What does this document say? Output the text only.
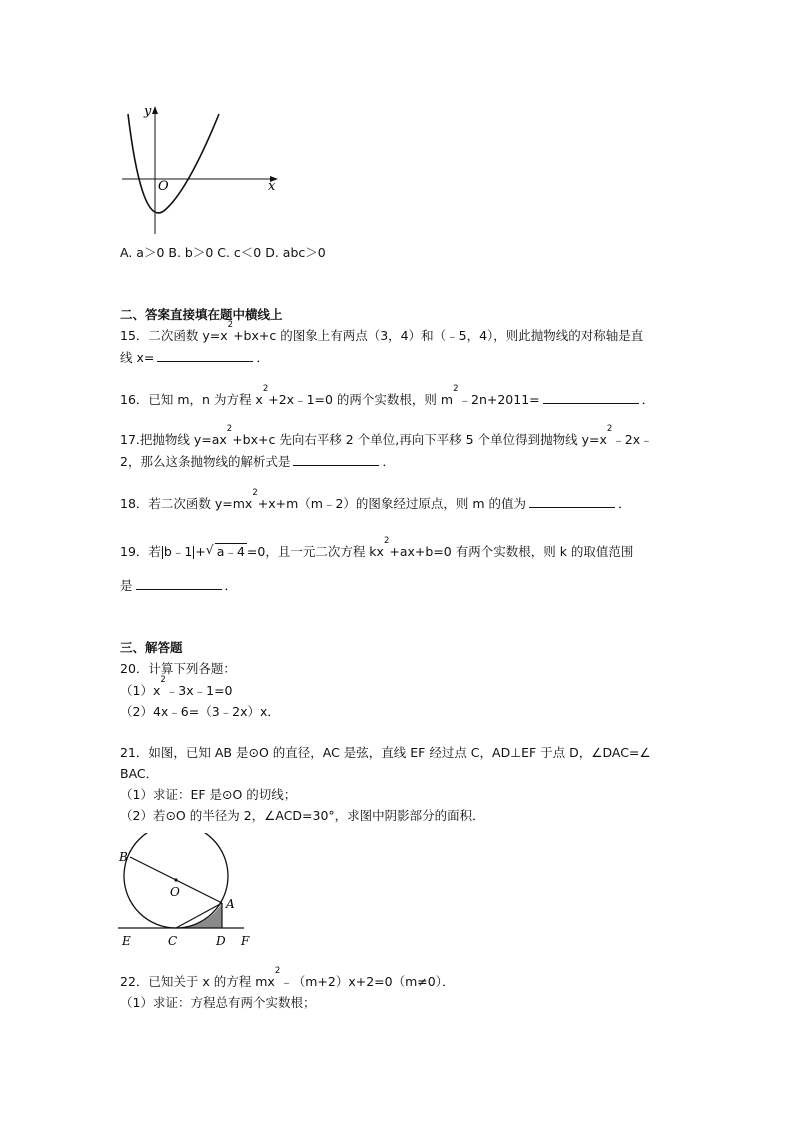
y
x
O
A. a＞0 B. b＞0 C. c＜0 D. abc＞0
二、答案直接填在题中横线上
15．二次函数 $y=x^2+bx+c$ 的图象上有两点（3，4）和（﹣5，4），则此抛物线的对称轴是直
线 x=	．
16．已知 m，n 为方程 $x^2+2x﹣1=0$ 的两个实数根，则 $m^2﹣2n+2011=$	．
17.把抛物线 $y=ax^2+bx+c$ 先向右平移 2 个单位,再向下平移 5 个单位得到抛物线 $y=x^2﹣2x﹣$
2，那么这条抛物线的解析式是	．
18．若二次函数 $y=mx^2+x+m(m﹣2)$的图象经过原点，则 m 的值为	．
19．若 b﹣1 + √ a﹣4 =0，且一元二次方程 $kx^2+ax+b=0$ 有两个实数根，则 k 的取值范围
是	．
三、解答题
20．计算下列各题：
$(1)x^2﹣3x﹣1=0$
（2）4x﹣6=（3﹣2x）x．
21．如图，已知 AB 是⊙O 的直径，AC 是弦，直线 EF 经过点 C，AD⊥EF 于点 D，∠DAC=∠
BAC．
（1）求证：EF 是⊙O 的切线；
（2）若⊙O 的半径为 2，∠ACD=30°，求图中阴影部分的面积．
B
O
A
E	C	D F
22．已知关于 x 的方程 $mx^2﹣(m+2)x+2=0(m\ne 0)$．
（1）求证：方程总有两个实数根；
